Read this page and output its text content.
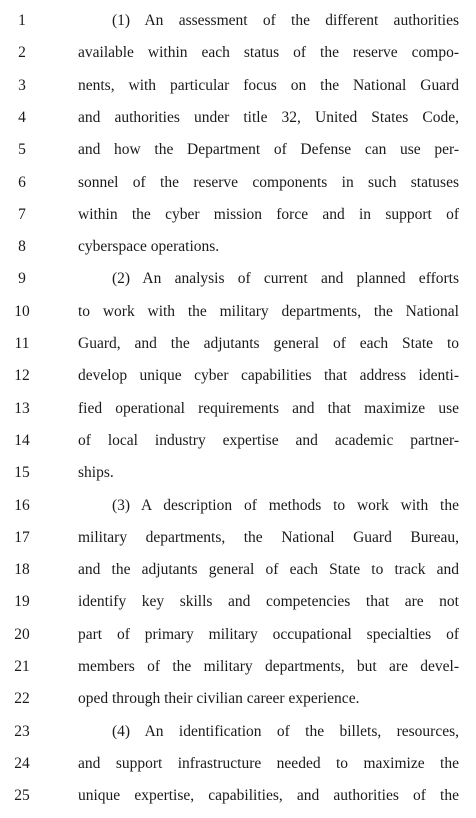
1	(1) An assessment of the different authorities
2	available within each status of the reserve compo-
3	nents, with particular focus on the National Guard
4	and authorities under title 32, United States Code,
5	and how the Department of Defense can use per-
6	sonnel of the reserve components in such statuses
7	within the cyber mission force and in support of
8	cyberspace operations.
9	(2) An analysis of current and planned efforts
10	to work with the military departments, the National
11	Guard, and the adjutants general of each State to
12	develop unique cyber capabilities that address identi-
13	fied operational requirements and that maximize use
14	of local industry expertise and academic partner-
15	ships.
16	(3) A description of methods to work with the
17	military departments, the National Guard Bureau,
18	and the adjutants general of each State to track and
19	identify key skills and competencies that are not
20	part of primary military occupational specialties of
21	members of the military departments, but are devel-
22	oped through their civilian career experience.
23	(4) An identification of the billets, resources,
24	and support infrastructure needed to maximize the
25	unique expertise, capabilities, and authorities of the
